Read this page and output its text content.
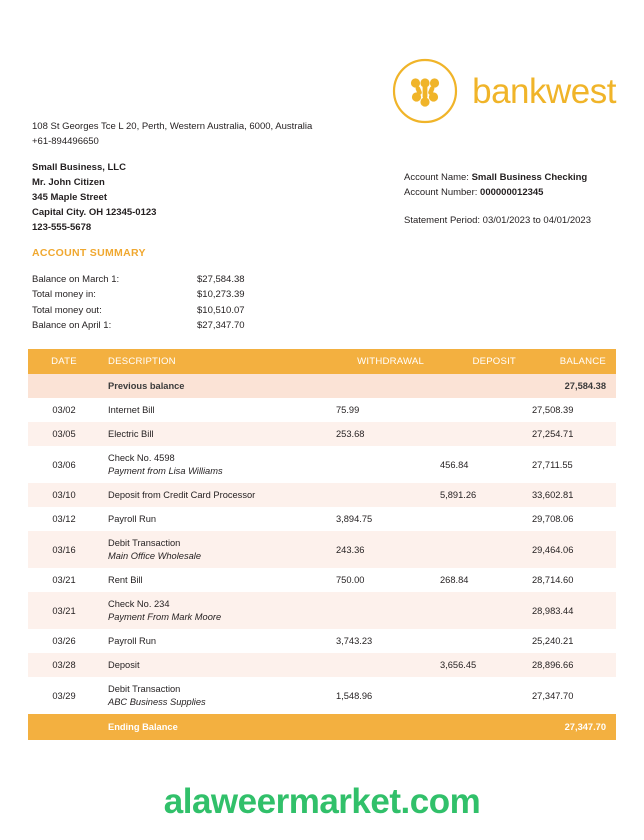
bankwest
108 St Georges Tce L 20, Perth, Western Australia, 6000, Australia
+61-894496650
Small Business, LLC
Mr. John Citizen
345 Maple Street
Capital City. OH 12345-0123
123-555-5678
Account Name: Small Business Checking
Account Number: 000000012345
Statement Period: 03/01/2023 to 04/01/2023
ACCOUNT SUMMARY
Balance on March 1:	$27,584.38
Total money in:	$10,273.39
Total money out:	$10,510.07
Balance on April 1:	$27,347.70
DATE	DESCRIPTION	WITHDRAWAL	DEPOSIT	BALANCE
	Previous balance			27,584.38
03/02	Internet Bill	75.99		27,508.39
03/05	Electric Bill	253.68		27,254.71
03/06	Check No. 4598
Payment from Lisa Williams		456.84	27,711.55
03/10	Deposit from Credit Card Processor		5,891.26	33,602.81
03/12	Payroll Run	3,894.75		29,708.06
03/16	Debit Transaction
Main Office Wholesale	243.36		29,464.06
03/21	Rent Bill	750.00	268.84	28,714.60
03/21	Check No. 234
Payment From Mark Moore			28,983.44
03/26	Payroll Run	3,743.23		25,240.21
03/28	Deposit		3,656.45	28,896.66
03/29	Debit Transaction
ABC Business Supplies	1,548.96		27,347.70
	Ending Balance			27,347.70
alaweermarket.com
